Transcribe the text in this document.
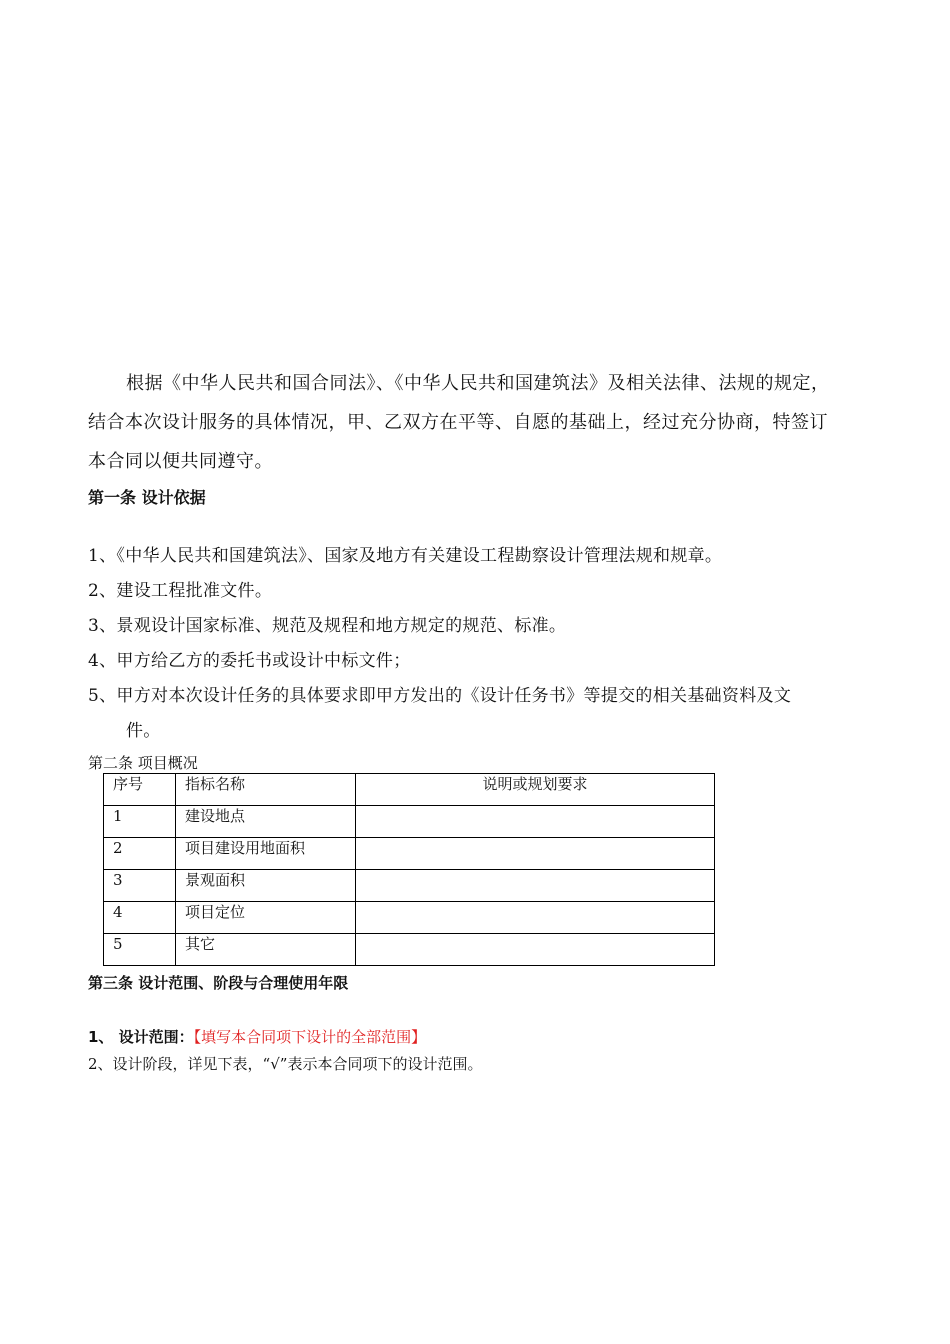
根据《中华人民共和国合同法》、《中华人民共和国建筑法》及相关法律、法规的规定，
结合本次设计服务的具体情况，甲、乙双方在平等、自愿的基础上，经过充分协商，特签订
本合同以便共同遵守。
第一条 设计依据
1、《中华人民共和国建筑法》、国家及地方有关建设工程勘察设计管理法规和规章。
2、建设工程批准文件。
3、景观设计国家标准、规范及规程和地方规定的规范、标准。
4、甲方给乙方的委托书或设计中标文件；
5、甲方对本次设计任务的具体要求即甲方发出的《设计任务书》等提交的相关基础资料及文
件。
第二条 项目概况
序号	指标名称	说明或规划要求
1	建设地点	
2	项目建设用地面积	
3	景观面积	
4	项目定位	
5	其它	
第三条 设计范围、阶段与合理使用年限
1、 设计范围：【填写本合同项下设计的全部范围】
2、设计阶段，详见下表，“√”表示本合同项下的设计范围。
